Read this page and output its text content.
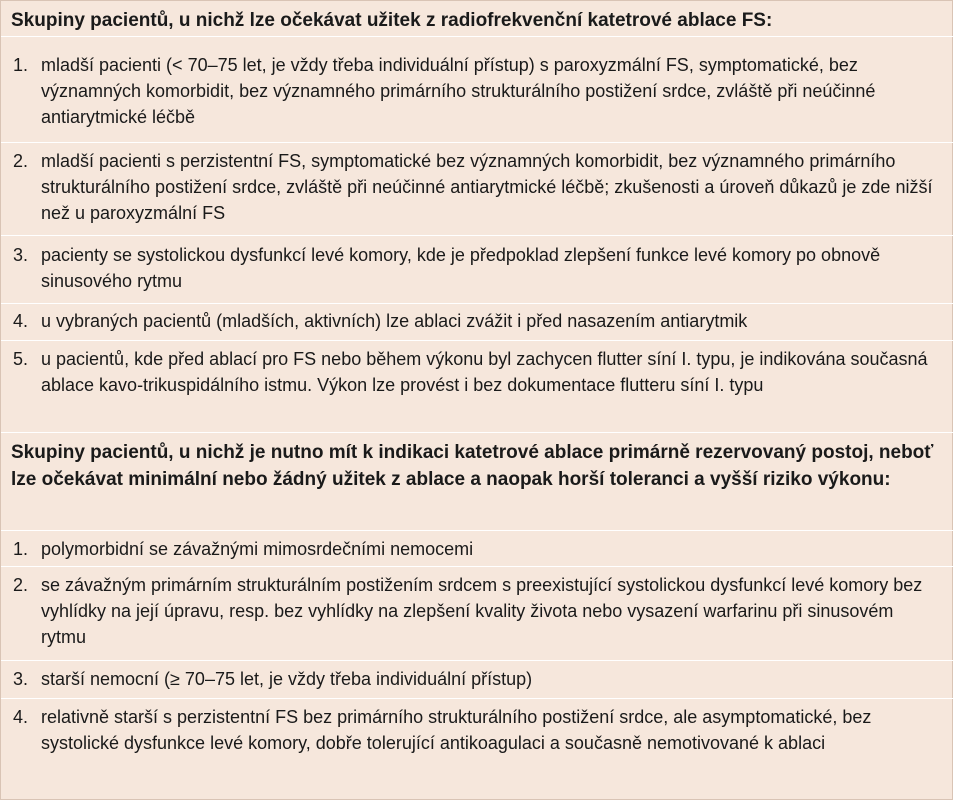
Skupiny pacientů, u nichž lze očekávat užitek z radiofrekvenční katetrové ablace FS:
1. mladší pacienti (< 70–75 let, je vždy třeba individuální přístup) s paroxyzmální FS, symptomatické, bez významných komorbidit, bez významného primárního strukturálního postižení srdce, zvláště při neúčinné antiarytmické léčbě
2. mladší pacienti s perzistentní FS, symptomatické bez významných komorbidit, bez významného primárního strukturálního postižení srdce, zvláště při neúčinné antiarytmické léčbě; zkušenosti a úroveň důkazů je zde nižší než u paroxyzmální FS
3. pacienty se systolickou dysfunkcí levé komory, kde je předpoklad zlepšení funkce levé komory po obnově sinusového rytmu
4. u vybraných pacientů (mladších, aktivních) lze ablaci zvážit i před nasazením antiarytmik
5. u pacientů, kde před ablací pro FS nebo během výkonu byl zachycen flutter síní I. typu, je indikována současná ablace kavo-trikuspidálního istmu. Výkon lze provést i bez dokumentace flutteru síní I. typu
Skupiny pacientů, u nichž je nutno mít k indikaci katetrové ablace primárně rezervovaný postoj, neboť lze očekávat minimální nebo žádný užitek z ablace a naopak horší toleranci a vyšší riziko výkonu:
1. polymorbidní se závažnými mimosrdečními nemocemi
2. se závažným primárním strukturálním postižením srdcem s preexistující systolickou dysfunkcí levé komory bez vyhlídky na její úpravu, resp. bez vyhlídky na zlepšení kvality života nebo vysazení warfarinu při sinusovém rytmu
3. starší nemocní (≥ 70–75 let, je vždy třeba individuální přístup)
4. relativně starší s perzistentní FS bez primárního strukturálního postižení srdce, ale asymptomatické, bez systolické dysfunkce levé komory, dobře tolerující antikoagulaci a současně nemotivované k ablaci
